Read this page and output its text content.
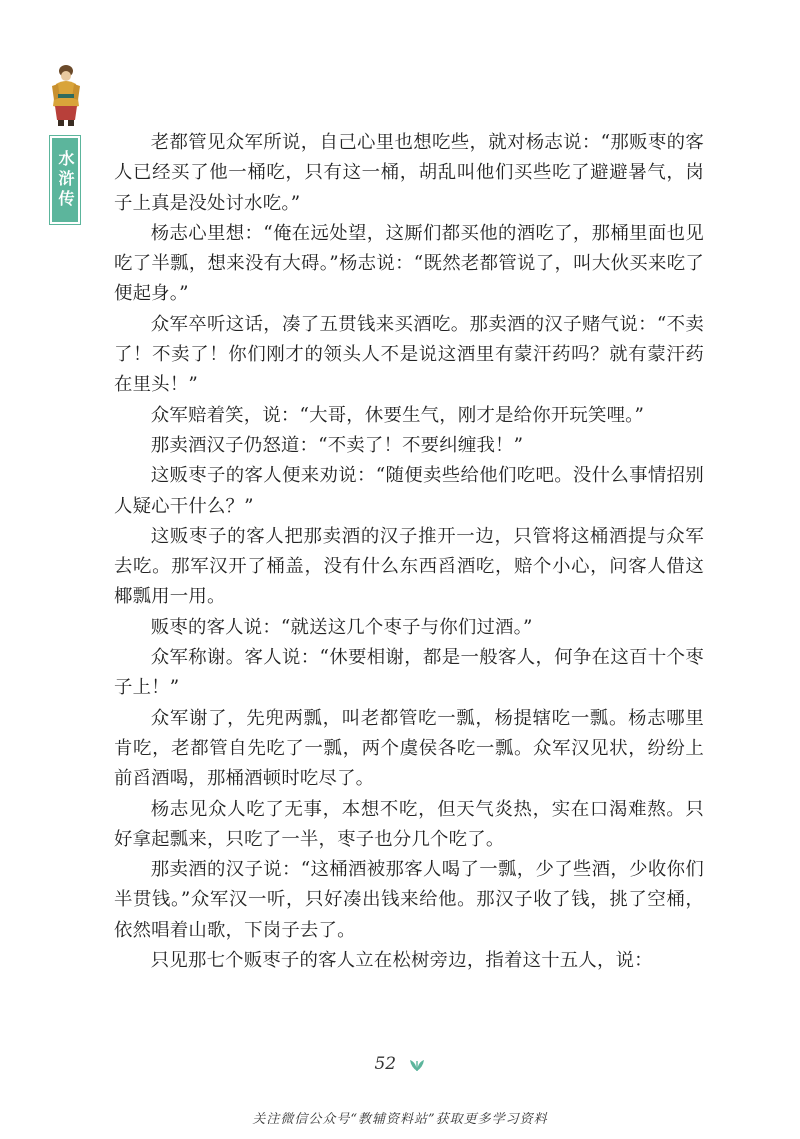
水浒传

老都管见众军所说，自己心里也想吃些，就对杨志说：“那贩枣的客人已经买了他一桶吃，只有这一桶，胡乱叫他们买些吃了避避暑气，岗子上真是没处讨水吃。”

杨志心里想：“俺在远处望，这厮们都买他的酒吃了，那桶里面也见吃了半瓢，想来没有大碍。”杨志说：“既然老都管说了，叫大伙买来吃了便起身。”

众军卒听这话，凑了五贯钱来买酒吃。那卖酒的汉子赌气说：“不卖了！不卖了！你们刚才的领头人不是说这酒里有蒙汗药吗？就有蒙汗药在里头！”

众军赔着笑，说：“大哥，休要生气，刚才是给你开玩笑哩。”

那卖酒汉子仍怒道：“不卖了！不要纠缠我！”

这贩枣子的客人便来劝说：“随便卖些给他们吃吧。没什么事情招别人疑心干什么？”

这贩枣子的客人把那卖酒的汉子推开一边，只管将这桶酒提与众军去吃。那军汉开了桶盖，没有什么东西舀酒吃，赔个小心，问客人借这椰瓢用一用。

贩枣的客人说：“就送这几个枣子与你们过酒。”

众军称谢。客人说：“休要相谢，都是一般客人，何争在这百十个枣子上！”

众军谢了，先兜两瓢，叫老都管吃一瓢，杨提辖吃一瓢。杨志哪里肯吃，老都管自先吃了一瓢，两个虞侯各吃一瓢。众军汉见状，纷纷上前舀酒喝，那桶酒顿时吃尽了。

杨志见众人吃了无事，本想不吃，但天气炎热，实在口渴难熬。只好拿起瓢来，只吃了一半，枣子也分几个吃了。

那卖酒的汉子说：“这桶酒被那客人喝了一瓢，少了些酒，少收你们半贯钱。”众军汉一听，只好凑出钱来给他。那汉子收了钱，挑了空桶，依然唱着山歌，下岗子去了。

只见那七个贩枣子的客人立在松树旁边，指着这十五人，说：

52
关注微信公众号“教辅资料站”获取更多学习资料
